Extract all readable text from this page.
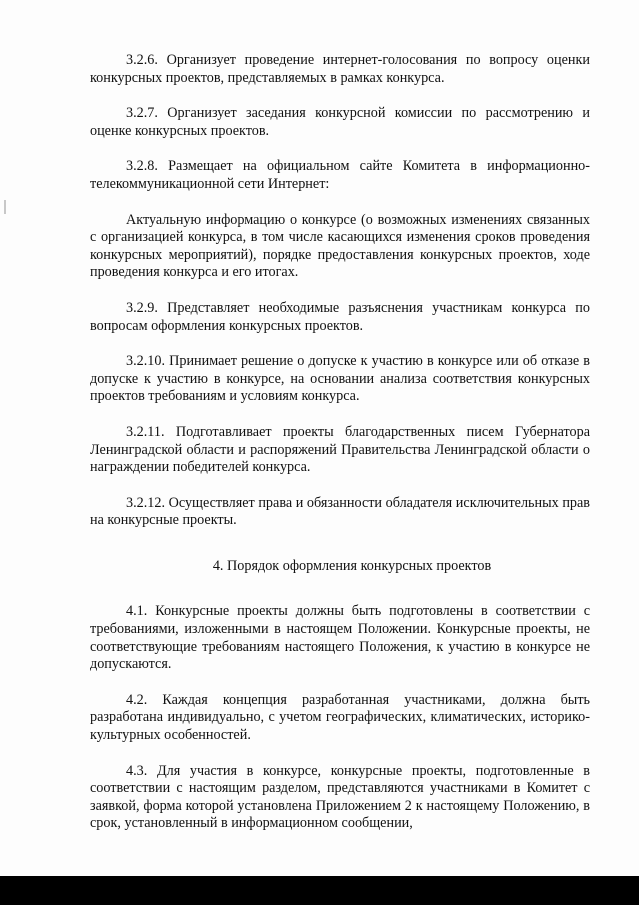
3.2.6. Организует проведение интернет-голосования по вопросу оценки конкурсных проектов, представляемых в рамках конкурса.

3.2.7. Организует заседания конкурсной комиссии по рассмотрению и оценке конкурсных проектов.

3.2.8. Размещает на официальном сайте Комитета в информационно-телекоммуникационной сети Интернет:

Актуальную информацию о конкурсе (о возможных изменениях связанных с организацией конкурса, в том числе касающихся изменения сроков проведения конкурсных мероприятий), порядке предоставления конкурсных проектов, ходе проведения конкурса и его итогах.

3.2.9. Представляет необходимые разъяснения участникам конкурса по вопросам оформления конкурсных проектов.

3.2.10. Принимает решение о допуске к участию в конкурсе или об отказе в допуске к участию в конкурсе, на основании анализа соответствия конкурсных проектов требованиям и условиям конкурса.

3.2.11. Подготавливает проекты благодарственных писем Губернатора Ленинградской области и распоряжений Правительства Ленинградской области о награждении победителей конкурса.

3.2.12. Осуществляет права и обязанности обладателя исключительных прав на конкурсные проекты.

4. Порядок оформления конкурсных проектов

4.1. Конкурсные проекты должны быть подготовлены в соответствии с требованиями, изложенными в настоящем Положении. Конкурсные проекты, не соответствующие требованиям настоящего Положения, к участию в конкурсе не допускаются.

4.2. Каждая концепция разработанная участниками, должна быть разработана индивидуально, с учетом географических, климатических, историко-культурных особенностей.

4.3. Для участия в конкурсе, конкурсные проекты, подготовленные в соответствии с настоящим разделом, представляются участниками в Комитет с заявкой, форма которой установлена Приложением 2 к настоящему Положению, в срок, установленный в информационном сообщении,
